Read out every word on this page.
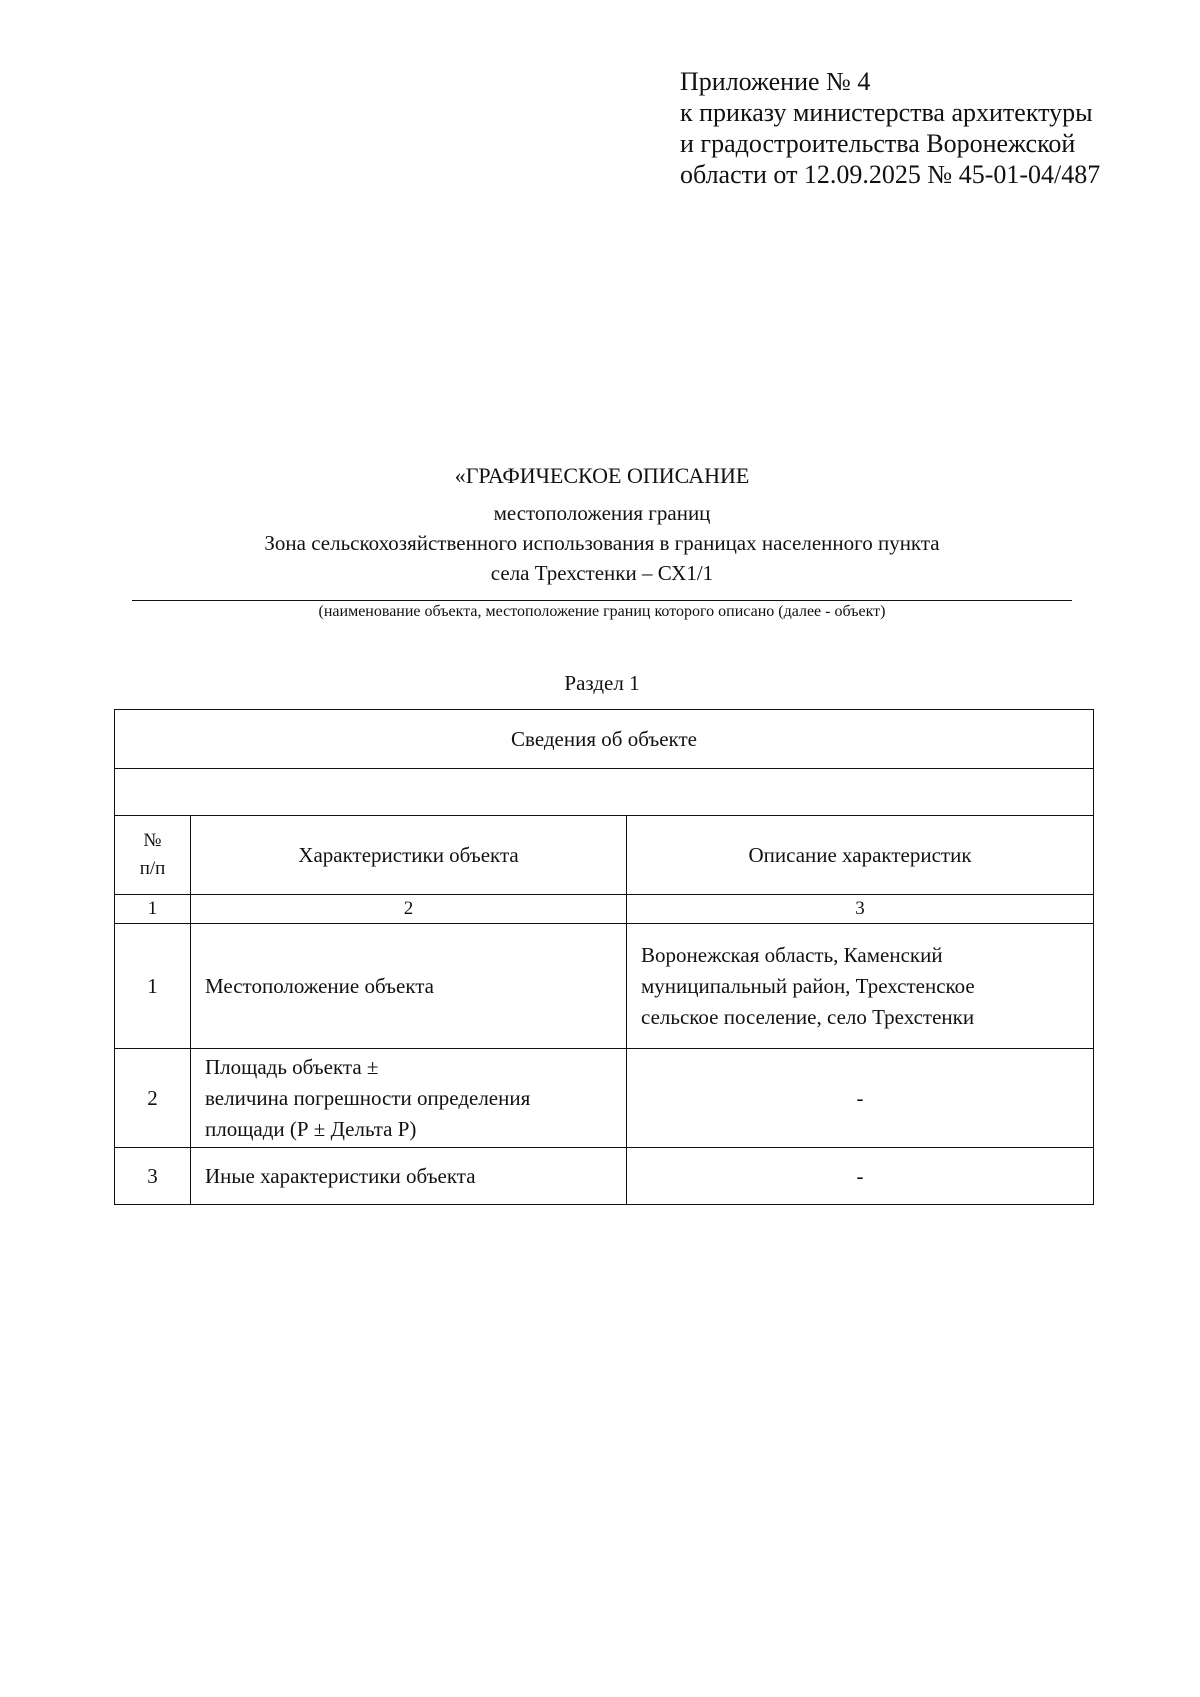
Приложение № 4
к приказу министерства архитектуры
и градостроительства Воронежской
области от 12.09.2025 № 45-01-04/487
«ГРАФИЧЕСКОЕ ОПИСАНИЕ
местоположения границ
Зона сельскохозяйственного использования в границах населенного пункта
села Трехстенки – СХ1/1
(наименование объекта, местоположение границ которого описано (далее - объект)
Раздел 1
Сведения об объекте		

№
п/п	Характеристики объекта	Описание характеристик
1	2	3
1	Местоположение объекта	Воронежская область, Каменский
муниципальный район, Трехстенское
сельское поселение, село Трехстенки

2	Площадь объекта ±
величина погрешности определения
площади (Р ± Дельта Р)	-

3	Иные характеристики объекта	-
